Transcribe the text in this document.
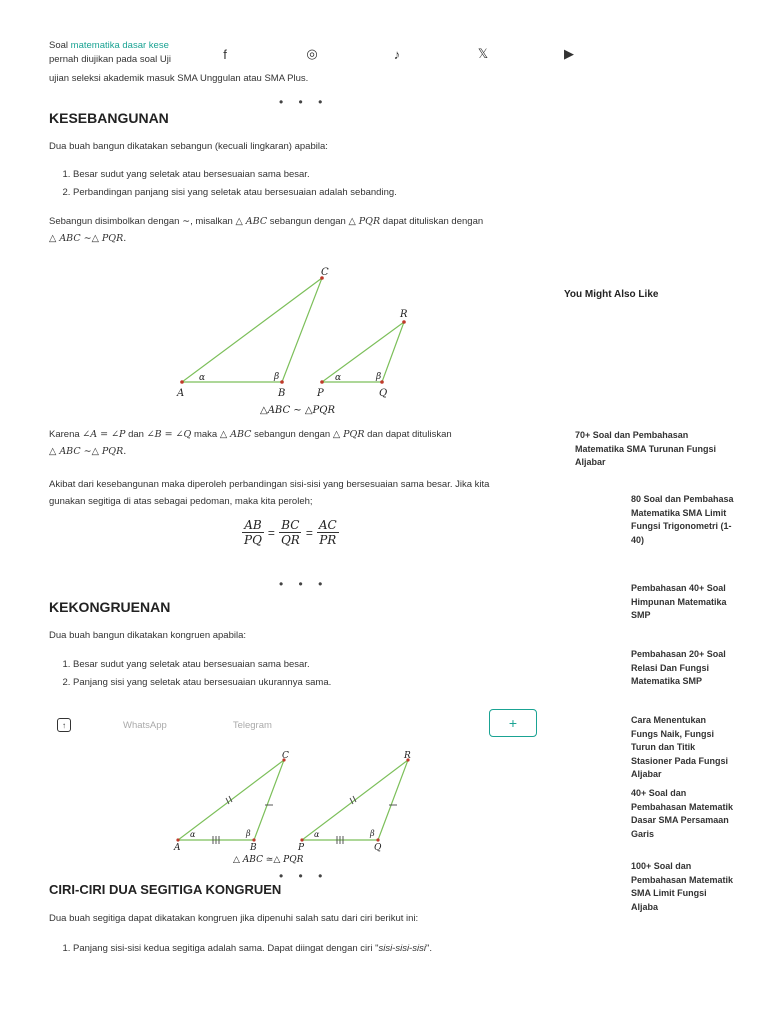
Soal matematika dasar kese
pernah diujikan pada soal Uji
ujian seleksi akademik masuk SMA Unggulan atau SMA Plus.
f	◎	♪	𝕏	▶
• • •
KESEBANGUNAN
Dua buah bangun dikatakan sebangun (kecuali lingkaran) apabila:
1. Besar sudut yang seletak atau bersesuaian sama besar.
2. Perbandingan panjang sisi yang seletak atau bersesuaian adalah sebanding.
Sebangun disimbolkan dengan ∼, misalkan △ ABC sebangun dengan △ PQR dapat dituliskan dengan
△ ABC ∼△ PQR.
A	B
C
P	Q
R
α	β	α	β
△ABC ∼ △PQR
Karena ∠A = ∠P dan ∠B = ∠Q maka △ ABC sebangun dengan △ PQR dan dapat dituliskan
△ ABC ∼△ PQR.
Akibat dari kesebangunan maka diperoleh perbandingan sisi-sisi yang bersesuaian sama besar. Jika kita
gunakan segitiga di atas sebagai pedoman, maka kita peroleh;
$\frac{AB}{PQ} = \frac{BC}{QR} = \frac{AC}{PR}$
• • •
KEKONGRUENAN
Dua buah bangun dikatakan kongruen apabila:
1. Besar sudut yang seletak atau bersesuaian sama besar.
2. Panjang sisi yang seletak atau bersesuaian ukurannya sama.
↑	WhatsApp	Telegram	+
A	B
C
P	Q
R
α	β	α	β
△ ABC ≃△ PQR
• • •
CIRI-CIRI DUA SEGITIGA KONGRUEN
Dua buah segitiga dapat dikatakan kongruen jika dipenuhi salah satu dari ciri berikut ini:
1. Panjang sisi-sisi kedua segitiga adalah sama. Dapat diingat dengan ciri "sisi-sisi-sisi".
You Might Also Like
70+ Soal dan Pembahasan Matematika SMA Turunan Fungsi Aljabar
80 Soal dan Pembahasa Matematika SMA Limit Fungsi Trigonometri (1-40)
Pembahasan 40+ Soal Himpunan Matematika SMP
Pembahasan 20+ Soal Relasi Dan Fungsi Matematika SMP
Cara Menentukan Fungs Naik, Fungsi Turun dan Titik Stasioner Pada Fungsi Aljabar
40+ Soal dan Pembahasan Matematik Dasar SMA Persamaan Garis
100+ Soal dan Pembahasan Matematik SMA Limit Fungsi Aljaba
